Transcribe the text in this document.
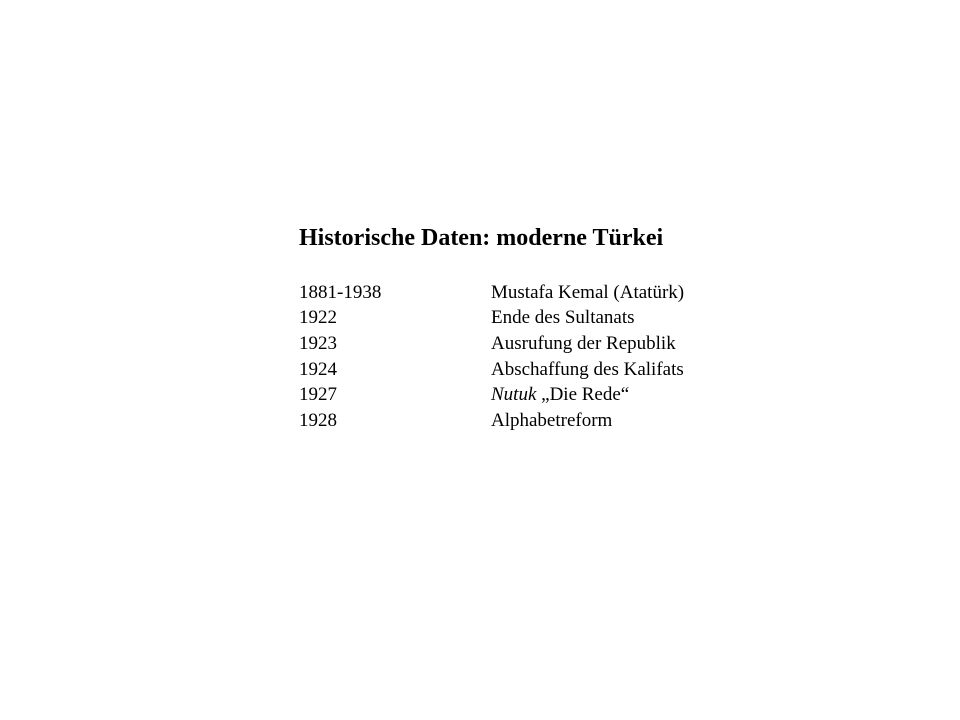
Historische Daten: moderne Türkei
1881-1938	Mustafa Kemal (Atatürk)
1922	Ende des Sultanats
1923	Ausrufung der Republik
1924	Abschaffung des Kalifats
1927	Nutuk „Die Rede“
1928	Alphabetreform
